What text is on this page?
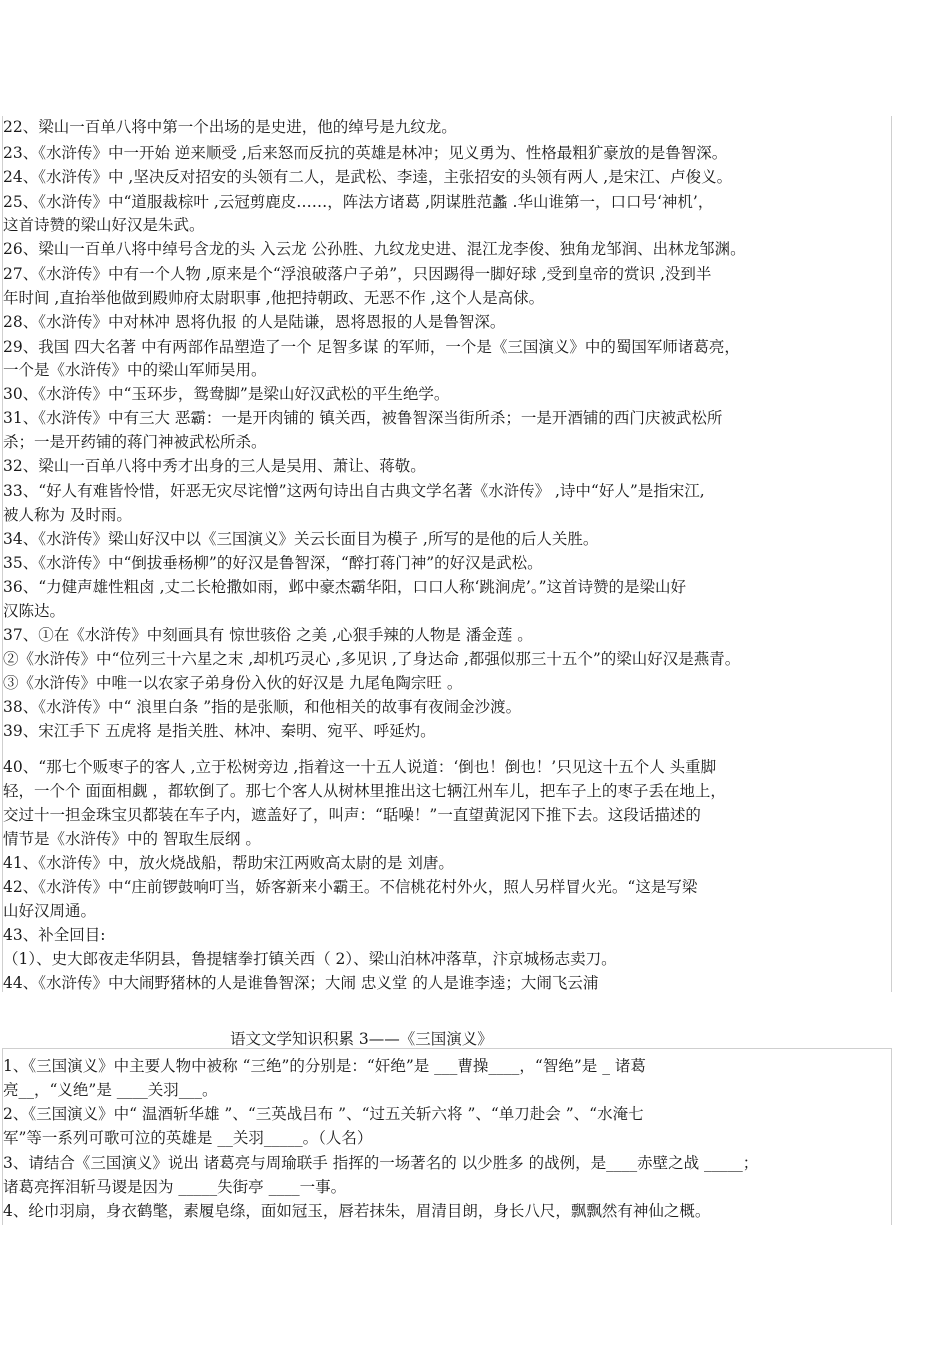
22、梁山一百单八将中第一个出场的是史进，他的绰号是九纹龙。
23、《水浒传》中一开始 逆来顺受 ,后来怒而反抗的英雄是林冲；见义勇为、性格最粗犷豪放的是鲁智深。
24、《水浒传》中 ,坚决反对招安的头领有二人，是武松、李逵，主张招安的头领有两人 ,是宋江、卢俊义。
25、《水浒传》中“道服裁棕叶 ,云冠剪鹿皮……，阵法方诸葛 ,阴谋胜范蠡 .华山谁第一，口口号‘神机’，
这首诗赞的梁山好汉是朱武。
26、梁山一百单八将中绰号含龙的头 入云龙 公孙胜、九纹龙史进、混江龙李俊、独角龙邹润、出林龙邹渊。
27、《水浒传》中有一个人物 ,原来是个“浮浪破落户子弟”，只因踢得一脚好球 ,受到皇帝的赏识 ,没到半
年时间 ,直抬举他做到殿帅府太尉职事 ,他把持朝政、无恶不作 ,这个人是高俅。
28、《水浒传》中对林冲 恩将仇报 的人是陆谦，恩将恩报的人是鲁智深。
29、我国 四大名著 中有两部作品塑造了一个 足智多谋 的军师，一个是《三国演义》中的蜀国军师诸葛亮，
一个是《水浒传》中的梁山军师吴用。
30、《水浒传》中“玉环步，鸳鸯脚”是梁山好汉武松的平生绝学。
31、《水浒传》中有三大 恶霸：一是开肉铺的 镇关西，被鲁智深当街所杀；一是开酒铺的西门庆被武松所
杀；一是开药铺的蒋门神被武松所杀。
32、梁山一百单八将中秀才出身的三人是吴用、萧让、蒋敬。
33、“好人有难皆怜惜，奸恶无灾尽诧憎”这两句诗出自古典文学名著《水浒传》 ,诗中“好人”是指宋江,
被人称为 及时雨。
34、《水浒传》梁山好汉中以《三国演义》关云长面目为模子 ,所写的是他的后人关胜。
35、《水浒传》中“倒拔垂杨柳”的好汉是鲁智深，“醉打蒋门神”的好汉是武松。
36、“力健声雄性粗卤 ,丈二长枪撒如雨，邺中豪杰霸华阳，口口人称‘跳涧虎’。”这首诗赞的是梁山好
汉陈达。
37、①在《水浒传》中刻画具有 惊世骇俗 之美 ,心狠手辣的人物是 潘金莲 。
②《水浒传》中“位列三十六星之末 ,却机巧灵心 ,多见识 ,了身达命 ,都强似那三十五个”的梁山好汉是燕青。
③《水浒传》中唯一以农家子弟身份入伙的好汉是 九尾龟陶宗旺 。
38、《水浒传》中“ 浪里白条 ”指的是张顺，和他相关的故事有夜闹金沙渡。
39、宋江手下 五虎将 是指关胜、林冲、秦明、宛平、呼延灼。
40、“那七个贩枣子的客人 ,立于松树旁边 ,指着这一十五人说道：‘倒也！倒也！’只见这十五个人 头重脚
轻，一个个 面面相觑 ，都软倒了。那七个客人从树林里推出这七辆江州车儿，把车子上的枣子丢在地上，
交过十一担金珠宝贝都装在车子内，遮盖好了，叫声：“聒噪！”一直望黄泥冈下推下去。这段话描述的
情节是《水浒传》中的 智取生辰纲 。
41、《水浒传》中，放火烧战船，帮助宋江两败高太尉的是 刘唐。
42、《水浒传》中“庄前锣鼓响叮当，娇客新来小霸王。不信桃花村外火，照人另样冒火光。“这是写梁
山好汉周通。
43、补全回目:
（1）、史大郎夜走华阴县，鲁提辖拳打镇关西（ 2）、梁山泊林冲落草，汴京城杨志卖刀。
44、《水浒传》中大闹野猪林的人是谁鲁智深；大闹 忠义堂 的人是谁李逵；大闹飞云浦
语文文学知识积累 3——《三国演义》
1、《三国演义》中主要人物中被称 “三绝”的分别是：“奸绝”是 ___曹操____，“智绝”是 _ 诸葛
亮__，“义绝”是 ____关羽___。
2、《三国演义》中“ 温酒斩华雄 ”、“三英战吕布 ”、“过五关斩六将 ”、“单刀赴会 ”、“水淹七
军”等一系列可歌可泣的英雄是 __关羽_____。（人名）
3、请结合《三国演义》说出 诸葛亮与周瑜联手 指挥的一场著名的 以少胜多 的战例，是____赤壁之战 _____；
诸葛亮挥泪斩马谡是因为 _____失街亭 ____一事。
4、纶巾羽扇，身衣鹤氅，素履皂绦，面如冠玉，唇若抹朱，眉清目朗，身长八尺，飘飘然有神仙之概。
